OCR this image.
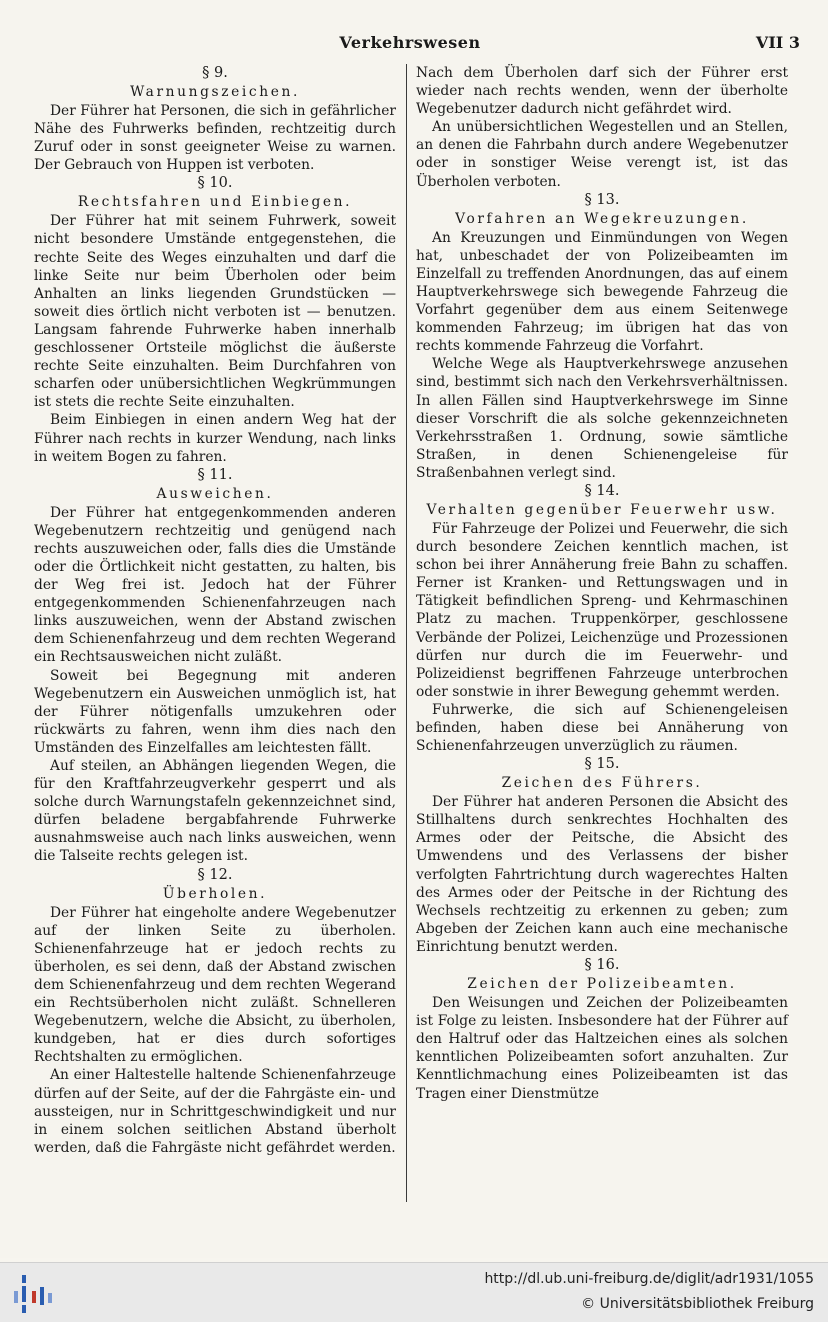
Verkehrswesen	VII 3
§ 9.
Warnungszeichen.

Der Führer hat Personen, die sich in gefährlicher Nähe des Fuhrwerks befinden, rechtzeitig durch Zuruf oder in sonst geeigneter Weise zu warnen. Der Gebrauch von Huppen ist verboten.

§ 10.
Rechtsfahren und Einbiegen.

Der Führer hat mit seinem Fuhrwerk, soweit nicht besondere Umstände entgegenstehen, die rechte Seite des Weges einzuhalten und darf die linke Seite nur beim Überholen oder beim Anhalten an links liegenden Grundstücken — soweit dies örtlich nicht verboten ist — benutzen. Langsam fahrende Fuhrwerke haben innerhalb geschlossener Ortsteile möglichst die äußerste rechte Seite einzuhalten. Beim Durchfahren von scharfen oder unübersichtlichen Wegkrümmungen ist stets die rechte Seite einzuhalten.

Beim Einbiegen in einen andern Weg hat der Führer nach rechts in kurzer Wendung, nach links in weitem Bogen zu fahren.

§ 11.
Ausweichen.

Der Führer hat entgegenkommenden anderen Wegebenutzern rechtzeitig und genügend nach rechts auszuweichen oder, falls dies die Umstände oder die Örtlichkeit nicht gestatten, zu halten, bis der Weg frei ist. Jedoch hat der Führer entgegenkommenden Schienenfahrzeugen nach links auszuweichen, wenn der Abstand zwischen dem Schienenfahrzeug und dem rechten Wegerand ein Rechtsausweichen nicht zuläßt.

Soweit bei Begegnung mit anderen Wegebenutzern ein Ausweichen unmöglich ist, hat der Führer nötigenfalls umzukehren oder rückwärts zu fahren, wenn ihm dies nach den Umständen des Einzelfalles am leichtesten fällt.

Auf steilen, an Abhängen liegenden Wegen, die für den Kraftfahrzeugverkehr gesperrt und als solche durch Warnungstafeln gekennzeichnet sind, dürfen beladene bergabfahrende Fuhrwerke ausnahmsweise auch nach links ausweichen, wenn die Talseite rechts gelegen ist.

§ 12.
Überholen.

Der Führer hat eingeholte andere Wegebenutzer auf der linken Seite zu überholen. Schienenfahrzeuge hat er jedoch rechts zu überholen, es sei denn, daß der Abstand zwischen dem Schienenfahrzeug und dem rechten Wegerand ein Rechtsüberholen nicht zuläßt. Schnelleren Wegebenutzern, welche die Absicht, zu überholen, kundgeben, hat er dies durch sofortiges Rechtshalten zu ermöglichen.

An einer Haltestelle haltende Schienenfahrzeuge dürfen auf der Seite, auf der die Fahrgäste ein- und aussteigen, nur in Schrittgeschwindigkeit und nur in einem solchen seitlichen Abstand überholt werden, daß die Fahrgäste nicht gefährdet werden.

Nach dem Überholen darf sich der Führer erst wieder nach rechts wenden, wenn der überholte Wegebenutzer dadurch nicht gefährdet wird.

An unübersichtlichen Wegestellen und an Stellen, an denen die Fahrbahn durch andere Wegebenutzer oder in sonstiger Weise verengt ist, ist das Überholen verboten.

§ 13.
Vorfahren an Wegekreuzungen.

An Kreuzungen und Einmündungen von Wegen hat, unbeschadet der von Polizeibeamten im Einzelfall zu treffenden Anordnungen, das auf einem Hauptverkehrswege sich bewegende Fahrzeug die Vorfahrt gegenüber dem aus einem Seitenwege kommenden Fahrzeug; im übrigen hat das von rechts kommende Fahrzeug die Vorfahrt.

Welche Wege als Hauptverkehrswege anzusehen sind, bestimmt sich nach den Verkehrsverhältnissen. In allen Fällen sind Hauptverkehrswege im Sinne dieser Vorschrift die als solche gekennzeichneten Verkehrsstraßen 1. Ordnung, sowie sämtliche Straßen, in denen Schienengeleise für Straßenbahnen verlegt sind.

§ 14.
Verhalten gegenüber Feuerwehr usw.

Für Fahrzeuge der Polizei und Feuerwehr, die sich durch besondere Zeichen kenntlich machen, ist schon bei ihrer Annäherung freie Bahn zu schaffen. Ferner ist Kranken- und Rettungswagen und in Tätigkeit befindlichen Spreng- und Kehrmaschinen Platz zu machen. Truppenkörper, geschlossene Verbände der Polizei, Leichenzüge und Prozessionen dürfen nur durch die im Feuerwehr- und Polizeidienst begriffenen Fahrzeuge unterbrochen oder sonstwie in ihrer Bewegung gehemmt werden.

Fuhrwerke, die sich auf Schienengeleisen befinden, haben diese bei Annäherung von Schienenfahrzeugen unverzüglich zu räumen.

§ 15.
Zeichen des Führers.

Der Führer hat anderen Personen die Absicht des Stillhaltens durch senkrechtes Hochhalten des Armes oder der Peitsche, die Absicht des Umwendens und des Verlassens der bisher verfolgten Fahrtrichtung durch wagerechtes Halten des Armes oder der Peitsche in der Richtung des Wechsels rechtzeitig zu erkennen zu geben; zum Abgeben der Zeichen kann auch eine mechanische Einrichtung benutzt werden.

§ 16.
Zeichen der Polizeibeamten.

Den Weisungen und Zeichen der Polizeibeamten ist Folge zu leisten. Insbesondere hat der Führer auf den Haltruf oder das Haltzeichen eines als solchen kenntlichen Polizeibeamten sofort anzuhalten. Zur Kenntlichmachung eines Polizeibeamten ist das Tragen einer Dienstmütze

http://dl.ub.uni-freiburg.de/diglit/adr1931/1055
© Universitätsbibliothek Freiburg
